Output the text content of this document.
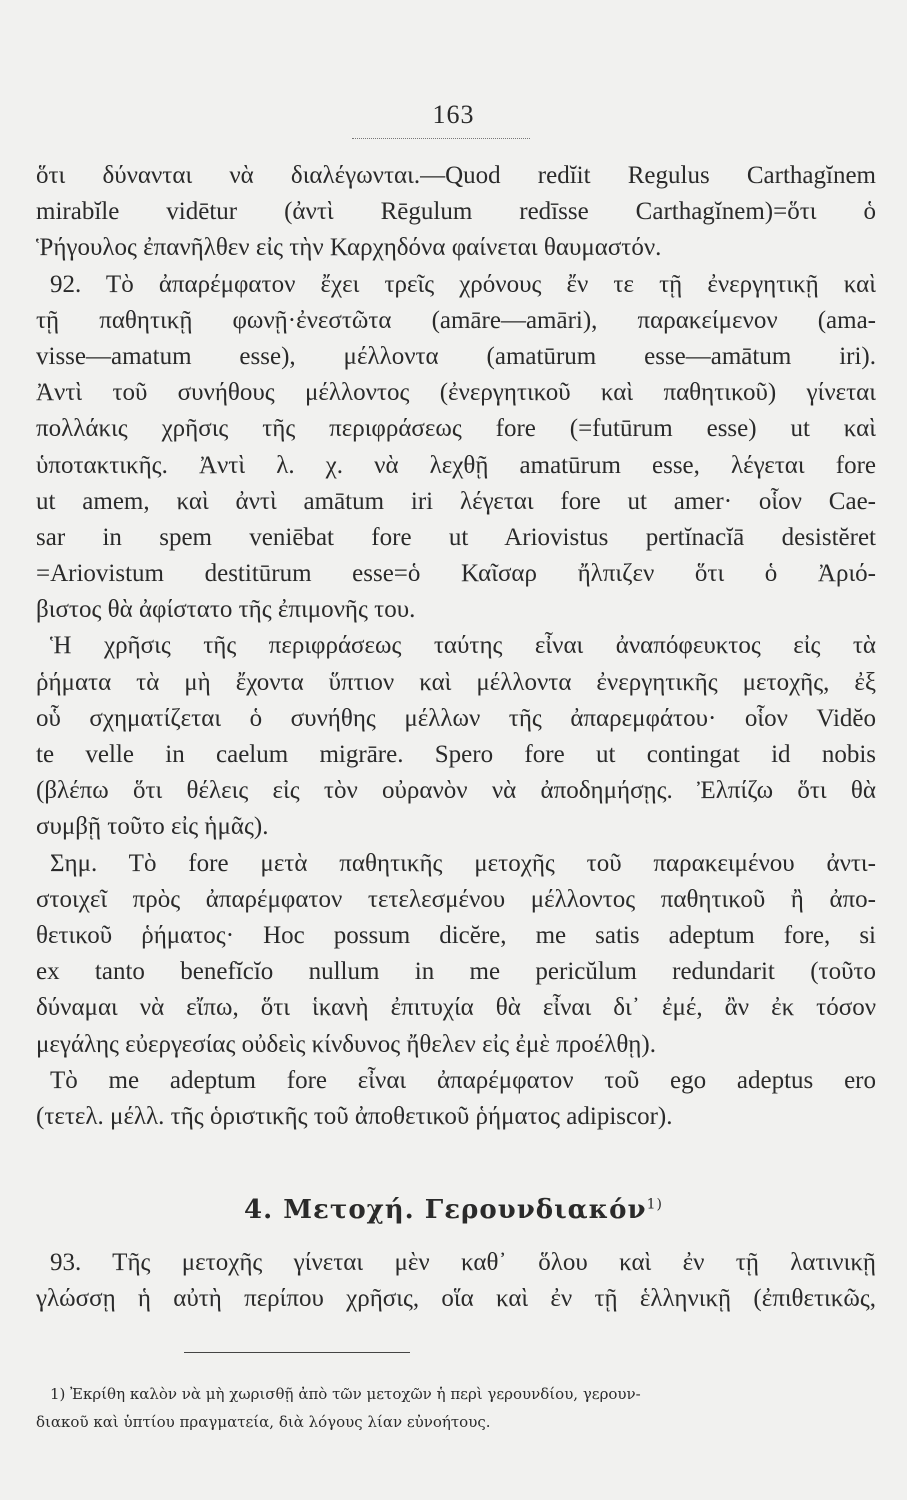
163
ὅτι δύνανται νὰ διαλέγωνται.—Quod redĭit Regulus Carthagĭnem
mirabĭle vidētur (ἀντὶ Rēgulum redīsse Carthagĭnem)=ὅτι ὁ
Ῥήγουλος ἐπανῆλθεν εἰς τὴν Καρχηδόνα φαίνεται θαυμαστόν.
92. Τὸ ἀπαρέμφατον ἔχει τρεῖς χρόνους ἔν τε τῇ ἐνεργητικῇ καὶ
τῇ παθητικῇ φωνῇ·ἐνεστῶτα (amāre—amāri), παρακείμενον (ama-
visse—amatum esse), μέλλοντα (amatūrum esse—amātum iri).
Ἀντὶ τοῦ συνήθους μέλλοντος (ἐνεργητικοῦ καὶ παθητικοῦ) γίνεται
πολλάκις χρῆσις τῆς περιφράσεως fore (=futūrum esse) ut καὶ
ὑποτακτικῆς. Ἀντὶ λ. χ. νὰ λεχθῇ amatūrum esse, λέγεται fore
ut amem, καὶ ἀντὶ amātum iri λέγεται fore ut amer· οἷον Cae-
sar in spem veniēbat fore ut Ariovistus pertĭnacĭā desistĕret
=Ariovistum destitūrum esse=ὁ Καῖσαρ ἤλπιζεν ὅτι ὁ Ἀριό-
βιστος θὰ ἀφίστατο τῆς ἐπιμονῆς του.
Ἡ χρῆσις τῆς περιφράσεως ταύτης εἶναι ἀναπόφευκτος εἰς τὰ
ῥήματα τὰ μὴ ἔχοντα ὕπτιον καὶ μέλλοντα ἐνεργητικῆς μετοχῆς, ἐξ
οὗ σχηματίζεται ὁ συνήθης μέλλων τῆς ἀπαρεμφάτου· οἷον Vidĕo
te velle in caelum migrāre. Spero fore ut contingat id nobis
(βλέπω ὅτι θέλεις εἰς τὸν οὐρανὸν νὰ ἀποδημήσῃς. Ἐλπίζω ὅτι θὰ
συμβῇ τοῦτο εἰς ἡμᾶς).
Σημ. Τὸ fore μετὰ παθητικῆς μετοχῆς τοῦ παρακειμένου ἀντι-
στοιχεῖ πρὸς ἀπαρέμφατον τετελεσμένου μέλλοντος παθητικοῦ ἢ ἀπο-
θετικοῦ ῥήματος· Hoc possum dicĕre, me satis adeptum fore, si
ex tanto benefĭcĭo nullum in me pericŭlum redundarit (τοῦτο
δύναμαι νὰ εἴπω, ὅτι ἱκανὴ ἐπιτυχία θὰ εἶναι δι᾽ ἐμέ, ἂν ἐκ τόσον
μεγάλης εὐεργεσίας οὐδεὶς κίνδυνος ἤθελεν εἰς ἐμὲ προέλθῃ).
Τὸ me adeptum fore εἶναι ἀπαρέμφατον τοῦ ego adeptus ero
(τετελ. μέλλ. τῆς ὁριστικῆς τοῦ ἀποθετικοῦ ῥήματος adipiscor).
4. Μετοχή. Γερουνδιακόν$^{1)}$
93. Τῆς μετοχῆς γίνεται μὲν καθ᾽ ὅλου καὶ ἐν τῇ λατινικῇ
γλώσσῃ ἡ αὐτὴ περίπου χρῆσις, οἵα καὶ ἐν τῇ ἑλληνικῇ (ἐπιθετικῶς,
1) Ἐκρίθη καλὸν νὰ μὴ χωρισθῇ ἀπὸ τῶν μετοχῶν ἡ περὶ γερουνδίου, γερουν-
διακοῦ καὶ ὑπτίου πραγματεία, διὰ λόγους λίαν εὐνοήτους.
